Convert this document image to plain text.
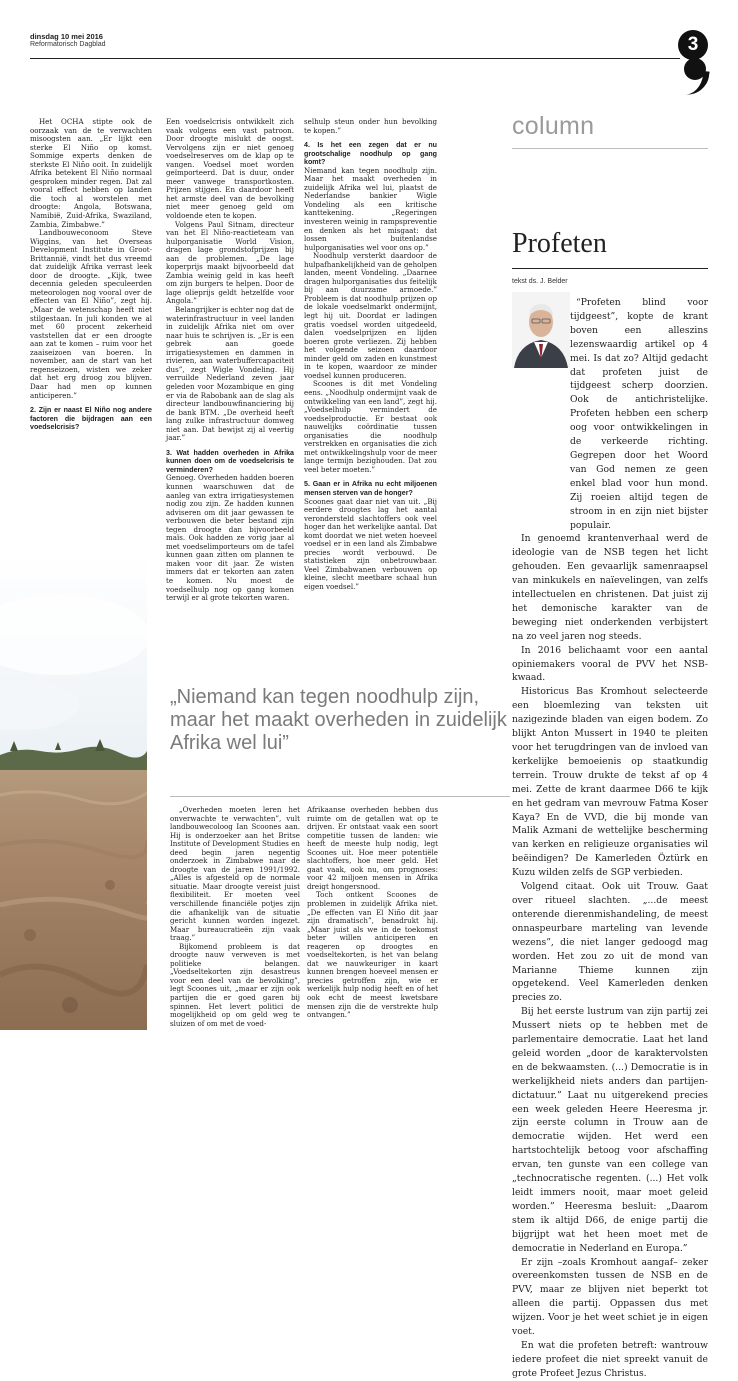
dinsdag 10 mei 2016
Reformatorisch Dagblad	3

Het OCHA stipte ook de oorzaak van de te verwachten misoogsten aan. „Er lijkt een sterke El Niño op komst. Sommige experts denken de sterkste El Niño ooit. In zuidelijk Afrika betekent El Niño normaal gesproken minder regen. Dat zal vooral effect hebben op landen die toch al worstelen met droogte: Angola, Botswana, Namibië, Zuid-Afrika, Swaziland, Zambia, Zimbabwe.”

Landbouweconoom Steve Wiggins, van het Overseas Development Institute in Groot-Brittannië, vindt het dus vreemd dat zuidelijk Afrika verrast leek door de droogte. „Kijk, twee decennia geleden speculeerden meteorologen nog vooral over de effecten van El Niño”, zegt hij. „Maar de wetenschap heeft niet stilgestaan. In juli konden we al met 60 procent zekerheid vaststellen dat er een droogte aan zat te komen – ruim voor het zaaiseizoen van boeren. In november, aan de start van het regenseizoen, wisten we zeker dat het erg droog zou blijven. Daar had men op kunnen anticiperen.”

2. Zijn er naast El Niño nog andere factoren die bijdragen aan een voedselcrisis?

Een voedselcrisis ontwikkelt zich vaak volgens een vast patroon. Door droogte mislukt de oogst. Vervolgens zijn er niet genoeg voedselreserves om de klap op te vangen. Voedsel moet worden geïmporteerd. Dat is duur, onder meer vanwege transportkosten. Prijzen stijgen. En daardoor heeft het armste deel van de bevolking niet meer genoeg geld om voldoende eten te kopen.

Volgens Paul Sitnam, directeur van het El Niño-reactieteam van hulporganisatie World Vision, dragen lage grondstofprijzen bij aan de problemen. „De lage koperprijs maakt bijvoorbeeld dat Zambia weinig geld in kas heeft om zijn burgers te helpen. Door de lage olieprijs geldt hetzelfde voor Angola.”

Belangrijker is echter nog dat de waterinfrastructuur in veel landen in zuidelijk Afrika niet om over naar huis te schrijven is. „Er is een gebrek aan goede irrigatiesystemen en dammen in rivieren, aan waterbuffercapaciteit dus”, zegt Wigle Vondeling. Hij verruilde Nederland zeven jaar geleden voor Mozambique en ging er via de Rabobank aan de slag als directeur landbouwfinanciering bij de bank BTM. „De overheid heeft lang zulke infrastructuur domweg niet aan. Dat bewijst zij al veertig jaar.”

3. Wat hadden overheden in Afrika kunnen doen om de voedselcrisis te verminderen?

Genoeg. Overheden hadden boeren kunnen waarschuwen dat de aanleg van extra irrigatiesystemen nodig zou zijn. Ze hadden kunnen adviseren om dit jaar gewassen te verbouwen die beter bestand zijn tegen droogte dan bijvoorbeeld maïs. Ook hadden ze vorig jaar al met voedselimporteurs om de tafel kunnen gaan zitten om plannen te maken voor dit jaar. Ze wisten immers dat er tekorten aan zaten te komen. Nu moest de voedselhulp nog op gang komen terwijl er al grote tekorten waren.

selhulp steun onder hun bevolking te kopen.”

4. Is het een zegen dat er nu grootschalige noodhulp op gang komt?

Niemand kan tegen noodhulp zijn. Maar het maakt overheden in zuidelijk Afrika wel lui, plaatst de Nederlandse bankier Wigle Vondeling als een kritische kanttekening. „Regeringen investeren weinig in rampspreventie en denken als het misgaat: dat lossen buitenlandse hulporganisaties wel voor ons op.”

Noodhulp versterkt daardoor de hulpafhankelijkheid van de geholpen landen, meent Vondeling. „Daarnee dragen hulporganisaties dus feitelijk bij aan duurzame armoede.” Probleem is dat noodhulp prijzen op de lokale voedselmarkt ondermijnt, legt hij uit. Doordat er ladingen gratis voedsel worden uitgedeeld, dalen voedselprijzen en lijden boeren grote verliezen. Zij hebben het volgende seizoen daardoor minder geld om zaden en kunstmest in te kopen, waardoor ze minder voedsel kunnen produceren.

Scoones is dit met Vondeling eens. „Noodhulp ondermijnt vaak de ontwikkeling van een land”, zegt hij. „Voedselhulp vermindert de voedselproductie. Er bestaat ook nauwelijks coördinatie tussen organisaties die noodhulp verstrekken en organisaties die zich met ontwikkelingshulp voor de meer lange termijn bezighouden. Dat zou veel beter moeten.”

5. Gaan er in Afrika nu echt miljoenen mensen sterven van de honger?

Scoones gaat daar niet van uit. „Bij eerdere droogtes lag het aantal verondersteld slachtoffers ook veel hoger dan het werkelijke aantal. Dat komt doordat we niet weten hoeveel voedsel er in een land als Zimbabwe precies wordt verbouwd. De statistieken zijn onbetrouwbaar. Veel Zimbabwanen verbouwen op kleine, slecht meetbare schaal hun eigen voedsel.”

„Niemand kan tegen noodhulp zijn, maar het maakt overheden in zuidelijk Afrika wel lui”

„Overheden moeten leren het onverwachte te verwachten”, vult landbouwecoloog Ian Scoones aan. Hij is onderzoeker aan het Britse Institute of Development Studies en deed begin jaren negentig onderzoek in Zimbabwe naar de droogte van de jaren 1991/1992. „Alles is afgesteld op de normale situatie. Maar droogte vereist juist flexibiliteit. Er moeten veel verschillende financiële potjes zijn die afhankelijk van de situatie gericht kunnen worden ingezet. Maar bureaucratieën zijn vaak traag.”

Bijkomend probleem is dat droogte nauw verweven is met politieke belangen. „Voedseltekorten zijn desastreus voor een deel van de bevolking”, legt Scoones uit, „maar er zijn ook partijen die er goed garen bij spinnen. Het levert politici de mogelijkheid op om geld weg te sluizen of om met de voed-

Afrikaanse overheden hebben dus ruimte om de getallen wat op te drijven. Er ontstaat vaak een soort competitie tussen de landen: wie heeft de meeste hulp nodig, legt Scoones uit. Hoe meer potentiële slachtoffers, hoe meer geld. Het gaat vaak, ook nu, om prognoses: voor 42 miljoen mensen in Afrika dreigt hongersnood.

Toch ontkent Scoones de problemen in zuidelijk Afrika niet. „De effecten van El Niño dit jaar zijn dramatisch”, benadrukt hij. „Maar juist als we in de toekomst beter willen anticiperen en reageren op droogtes en voedseltekorten, is het van belang dat we nauwkeuriger in kaart kunnen brengen hoeveel mensen er precies getroffen zijn, wie er werkelijk hulp nodig heeft en of het ook echt de meest kwetsbare mensen zijn die de verstrekte hulp ontvangen.”

column
Profeten
tekst ds. J. Belder

“Profeten blind voor tijdgeest”, kopte de krant boven een alleszins lezenswaardig artikel op 4 mei. Is dat zo? Altijd gedacht dat profeten juist de tijdgeest scherp doorzien. Ook de antichristelijke. Profeten hebben een scherp oog voor ontwikkelingen in de verkeerde richting. Gegrepen door het Woord van God nemen ze geen enkel blad voor hun mond. Zij roeien altijd tegen de stroom in en zijn niet bijster populair.

In genoemd krantenverhaal werd de ideologie van de NSB tegen het licht gehouden. Een gevaarlijk samenraapsel van minkukels en naïevelingen, van zelfs intellectuelen en christenen. Dat juist zij het demonische karakter van de beweging niet onderkenden verbijstert na zo veel jaren nog steeds.

In 2016 belichaamt voor een aantal opiniemakers vooral de PVV het NSB-kwaad.

Historicus Bas Kromhout selecteerde een bloemlezing van teksten uit nazigezinde bladen van eigen bodem. Zo blijkt Anton Mussert in 1940 te pleiten voor het terugdringen van de invloed van kerkelijke bemoeienis op staatkundig terrein. Trouw drukte de tekst af op 4 mei. Zette de krant daarmee D66 te kijk en het gedram van mevrouw Fatma Koser Kaya? En de VVD, die bij monde van Malik Azmani de wettelijke bescherming van kerken en religieuze organisaties wil beëindigen? De Kamerleden Öztürk en Kuzu wilden zelfs de SGP verbieden.

Volgend citaat. Ook uit Trouw. Gaat over ritueel slachten. „...de meest onterende dierenmishandeling, de meest onnaspeurbare marteling van levende wezens”, die niet langer gedoogd mag worden. Het zou zo uit de mond van Marianne Thieme kunnen zijn opgetekend. Veel Kamerleden denken precies zo.

Bij het eerste lustrum van zijn partij zei Mussert niets op te hebben met de parlementaire democratie. Laat het land geleid worden „door de karaktervolsten en de bekwaamsten. (...) Democratie is in werkelijkheid niets anders dan partijen-dictatuur.” Laat nu uitgerekend precies een week geleden Heere Heeresma jr. zijn eerste column in Trouw aan de democratie wijden. Het werd een hartstochtelijk betoog voor afschaffing ervan, ten gunste van een college van „technocratische regenten. (...) Het volk leidt immers nooit, maar moet geleid worden.” Heeresma besluit: „Daarom stem ik altijd D66, de enige partij die bijgrijpt wat het heen moet met de democratie in Nederland en Europa.”

Er zijn –zoals Kromhout aangaf– zeker overeenkomsten tussen de NSB en de PVV, maar ze blijven niet beperkt tot alleen die partij. Oppassen dus met wijzen. Voor je het weet schiet je in eigen voet.

En wat die profeten betreft: wantrouw iedere profeet die niet spreekt vanuit de grote Profeet Jezus Christus.
